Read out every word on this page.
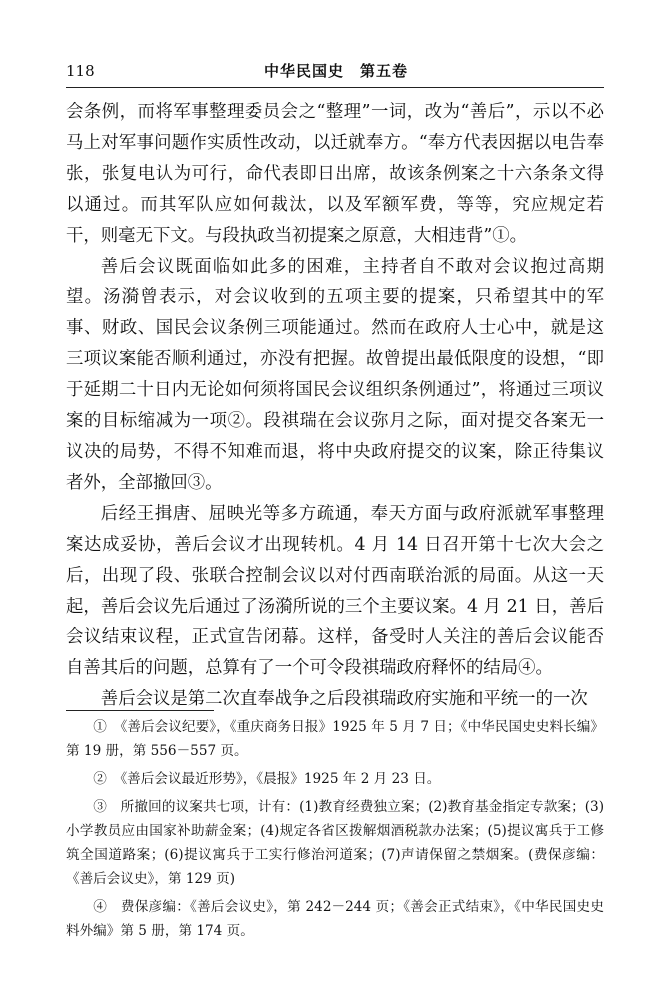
118	中华民国史　第五卷

会条例，而将军事整理委员会之“整理”一词，改为“善后”，示以不必马上对军事问题作实质性改动，以迁就奉方。“奉方代表因据以电告奉张，张复电认为可行，命代表即日出席，故该条例案之十六条条文得以通过。而其军队应如何裁汰，以及军额军费，等等，究应规定若干，则毫无下文。与段执政当初提案之原意，大相违背”①。

善后会议既面临如此多的困难，主持者自不敢对会议抱过高期望。汤漪曾表示，对会议收到的五项主要的提案，只希望其中的军事、财政、国民会议条例三项能通过。然而在政府人士心中，就是这三项议案能否顺利通过，亦没有把握。故曾提出最低限度的设想，“即于延期二十日内无论如何须将国民会议组织条例通过”，将通过三项议案的目标缩减为一项②。段祺瑞在会议弥月之际，面对提交各案无一议决的局势，不得不知难而退，将中央政府提交的议案，除正待集议者外，全部撤回③。

后经王揖唐、屈映光等多方疏通，奉天方面与政府派就军事整理案达成妥协，善后会议才出现转机。4 月 14 日召开第十七次大会之后，出现了段、张联合控制会议以对付西南联治派的局面。从这一天起，善后会议先后通过了汤漪所说的三个主要议案。4 月 21 日，善后会议结束议程，正式宣告闭幕。这样，备受时人关注的善后会议能否自善其后的问题，总算有了一个可令段祺瑞政府释怀的结局④。

善后会议是第二次直奉战争之后段祺瑞政府实施和平统一的一次

①　《善后会议纪要》，《重庆商务日报》1925 年 5 月 7 日；《中华民国史史料长编》第 19 册，第 556－557 页。

②　《善后会议最近形势》，《晨报》1925 年 2 月 23 日。

③　所撤回的议案共七项，计有：(1)教育经费独立案；(2)教育基金指定专款案；(3)小学教员应由国家补助薪金案；(4)规定各省区拨解烟酒税款办法案；(5)提议寓兵于工修筑全国道路案；(6)提议寓兵于工实行修治河道案；(7)声请保留之禁烟案。(费保彦编：《善后会议史》，第 129 页)

④　费保彦编：《善后会议史》，第 242－244 页；《善会正式结束》，《中华民国史史料外编》第 5 册，第 174 页。
